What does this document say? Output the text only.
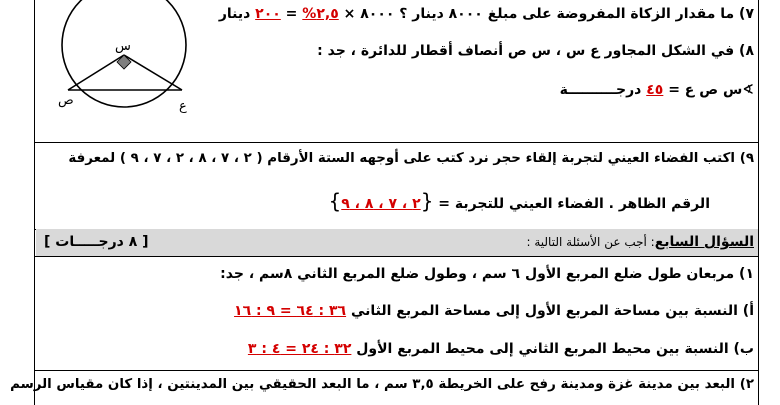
٧) ما مقدار الزكاة المفروضة على مبلغ ٨٠٠٠ دينار ؟ ٨٠٠٠ × ٢,٥% = ٢٠٠ دينار
٨) في الشكل المجاور ع س ، س ص أنصاف أقطار للدائرة ، جد :
∢س ص ع = ٤٥ درجــــــــــة
س
ص	ع
٩) اكتب الفضاء العيني لتجربة إلقاء حجر نرد كتب على أوجهه الستة الأرقام ( ٢ ، ٧ ، ٨ ، ٢ ، ٧ ، ٩ ) لمعرفة
الرقم الظاهر . الفضاء العيني للتجربة = {٢ ، ٧ ، ٨ ، ٩}
السؤال السابع: أجب عن الأسئلة التالية :
[ ٨ درجـــــات ]
١) مربعان طول ضلع المربع الأول ٦ سم ، وطول ضلع المربع الثاني ٨سم ، جد:
أ) النسبة بين مساحة المربع الأول إلى مساحة المربع الثاني ٣٦ : ٦٤ = ٩ : ١٦
ب) النسبة بين محيط المربع الثاني إلى محيط المربع الأول ٣٢ : ٢٤ = ٤ : ٣
٢) البعد بين مدينة غزة ومدينة رفح على الخريطة ٣,٥ سم ، ما البعد الحقيقي بين المدينتين ، إذا كان مقياس الرسم
